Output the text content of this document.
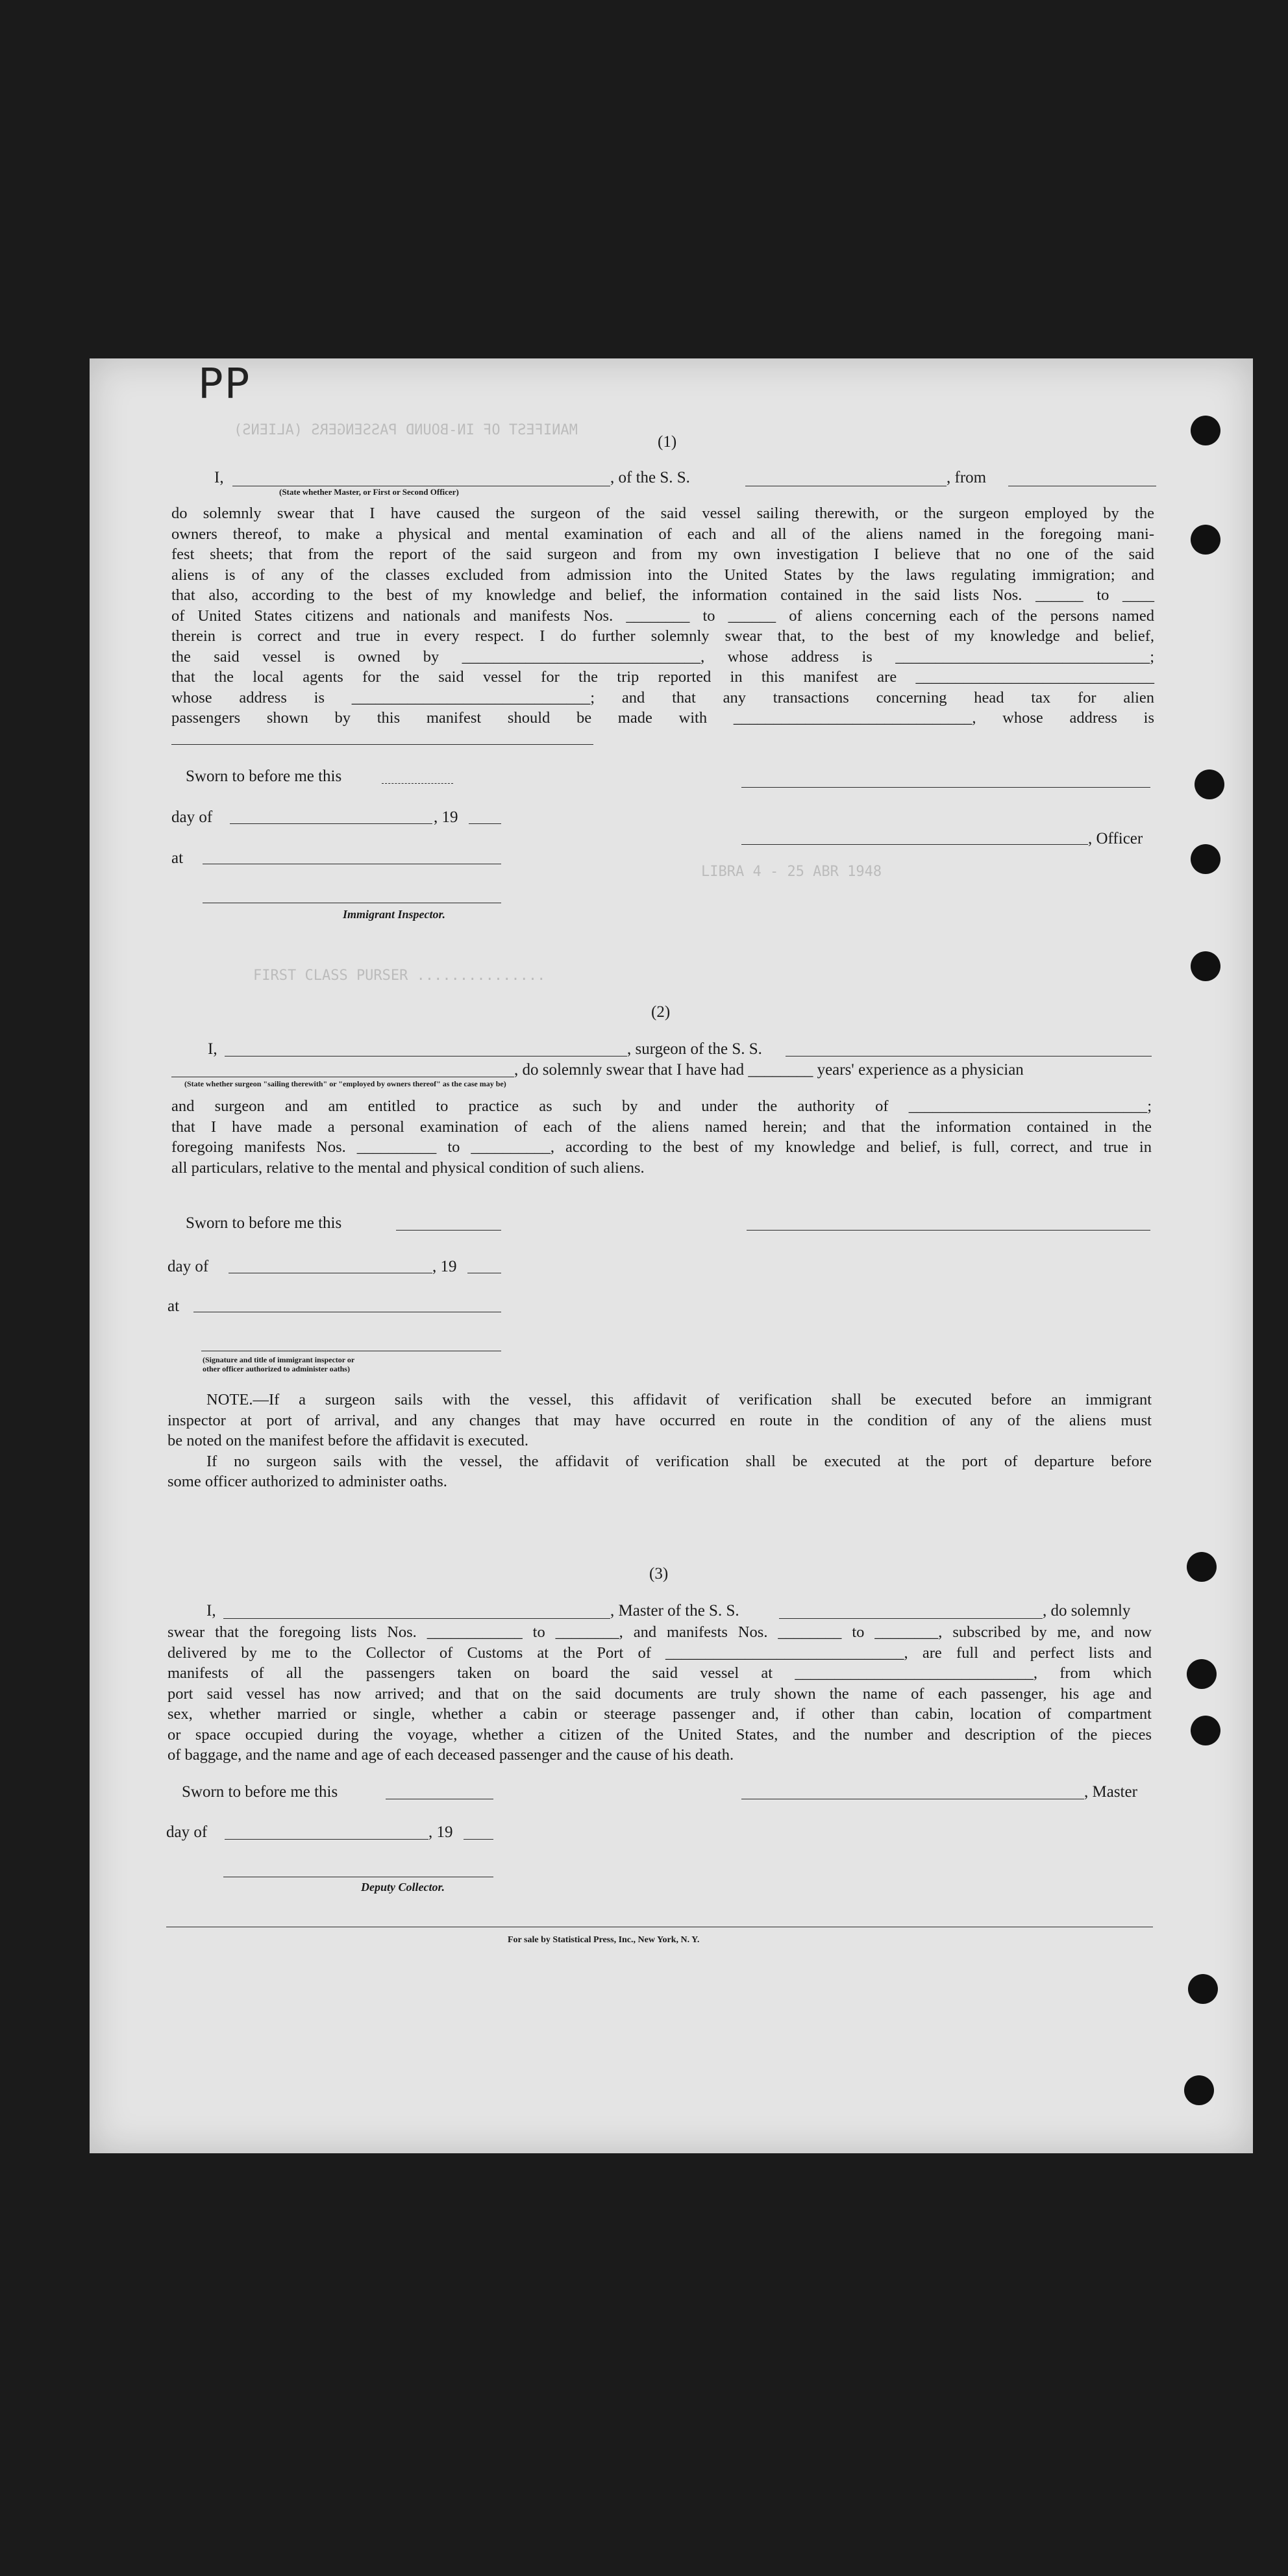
MANIFEST OF IN-BOUND PASSENGERS (ALIENS)
LIBRA 4 - 25 ABR 1948
FIRST CLASS PURSER ...............
PP
(1)
I,	, of the S. S.	, from
(State whether Master, or First or Second Officer)
do solemnly swear that I have caused the surgeon of the said vessel sailing therewith, or the surgeon employed by the
owners thereof, to make a physical and mental examination of each and all of the aliens named in the foregoing mani-
fest sheets; that from the report of the said surgeon and from my own investigation I believe that no one of the said
aliens is of any of the classes excluded from admission into the United States by the laws regulating immigration; and
that also, according to the best of my knowledge and belief, the information contained in the said lists Nos. ______ to ____
of United States citizens and nationals and manifests Nos. ________ to ______ of aliens concerning each of the persons named
therein is correct and true in every respect. I do further solemnly swear that, to the best of my knowledge and belief,
the said vessel is owned by ______________________________, whose address is ________________________________;
that the local agents for the said vessel for the trip reported in this manifest are ______________________________
whose address is ______________________________; and that any transactions concerning head tax for alien
passengers shown by this manifest should be made with ______________________________, whose address is
Sworn to before me this
day of	, 19
at
Immigrant Inspector.
, Officer
(2)
I,	, surgeon of the S. S.
, do solemnly swear that I have had ________ years' experience as a physician
(State whether surgeon "sailing therewith" or "employed by owners thereof" as the case may be)
and surgeon and am entitled to practice as such by and under the authority of ______________________________;
that I have made a personal examination of each of the aliens named herein; and that the information contained in the
foregoing manifests Nos. __________ to __________, according to the best of my knowledge and belief, is full, correct, and true in
all particulars, relative to the mental and physical condition of such aliens.
Sworn to before me this
day of	, 19
at
(Signature and title of immigrant inspector or
other officer authorized to administer oaths)
NOTE.—If a surgeon sails with the vessel, this affidavit of verification shall be executed before an immigrant
inspector at port of arrival, and any changes that may have occurred en route in the condition of any of the aliens must
be noted on the manifest before the affidavit is executed.
If no surgeon sails with the vessel, the affidavit of verification shall be executed at the port of departure before
some officer authorized to administer oaths.
(3)
I,	, Master of the S. S.	, do solemnly
swear that the foregoing lists Nos. ____________ to ________, and manifests Nos. ________ to ________, subscribed by me, and now
delivered by me to the Collector of Customs at the Port of ______________________________, are full and perfect lists and
manifests of all the passengers taken on board the said vessel at ______________________________, from which
port said vessel has now arrived; and that on the said documents are truly shown the name of each passenger, his age and
sex, whether married or single, whether a cabin or steerage passenger and, if other than cabin, location of compartment
or space occupied during the voyage, whether a citizen of the United States, and the number and description of the pieces
of baggage, and the name and age of each deceased passenger and the cause of his death.
Sworn to before me this
day of	, 19
Deputy Collector.
, Master
For sale by Statistical Press, Inc., New York, N. Y.
